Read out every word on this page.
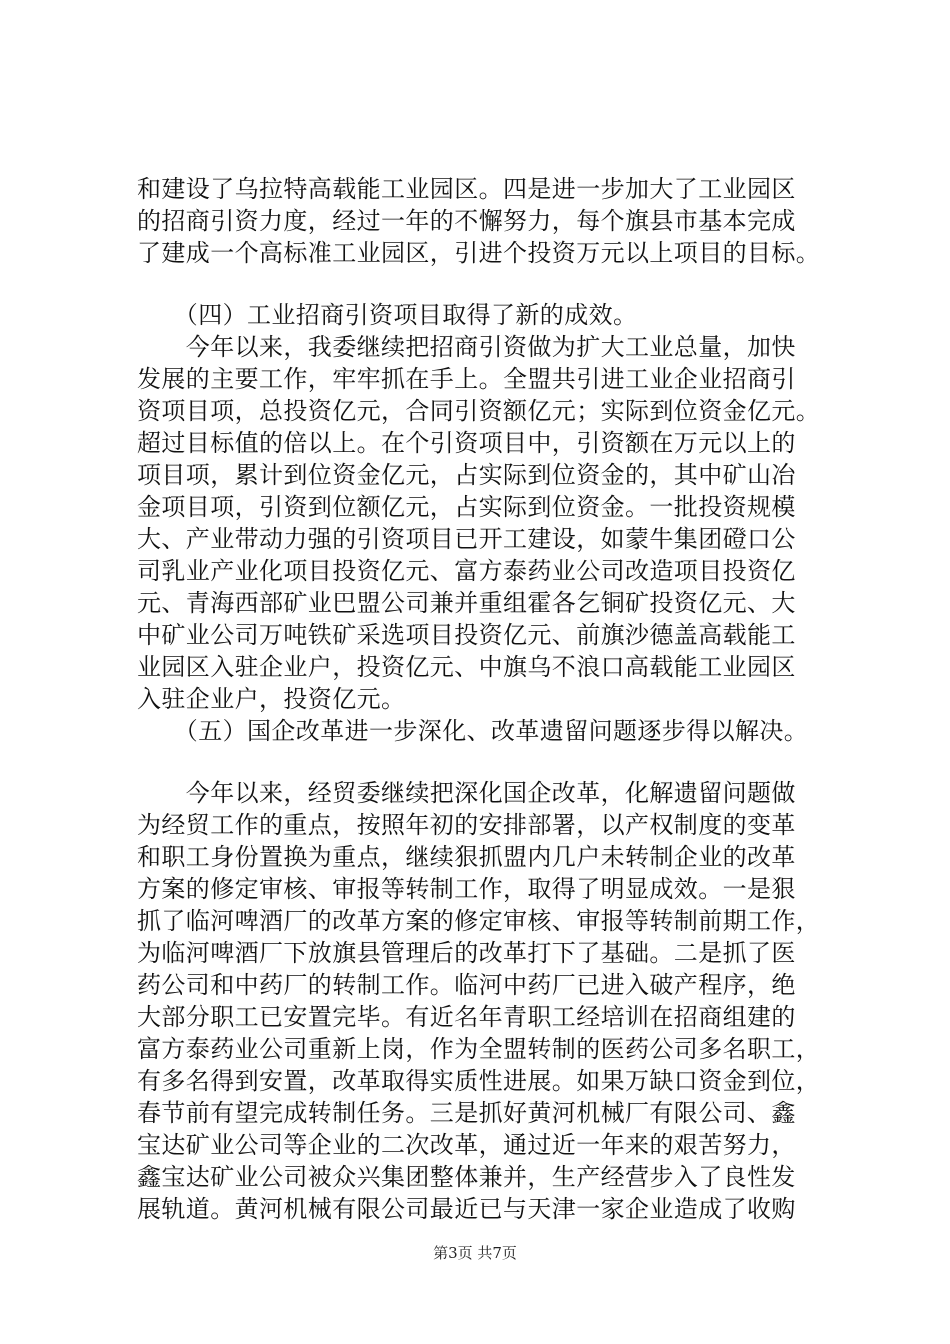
和建设了乌拉特高载能工业园区。四是进一步加大了工业园区
的招商引资力度，经过一年的不懈努力，每个旗县市基本完成
了建成一个高标准工业园区，引进个投资万元以上项目的目标。
　　（四）工业招商引资项目取得了新的成效。
　　今年以来，我委继续把招商引资做为扩大工业总量，加快
发展的主要工作，牢牢抓在手上。全盟共引进工业企业招商引
资项目项，总投资亿元，合同引资额亿元；实际到位资金亿元。
超过目标值的倍以上。在个引资项目中，引资额在万元以上的
项目项，累计到位资金亿元，占实际到位资金的，其中矿山冶
金项目项，引资到位额亿元，占实际到位资金。一批投资规模
大、产业带动力强的引资项目已开工建设，如蒙牛集团磴口公
司乳业产业化项目投资亿元、富方泰药业公司改造项目投资亿
元、青海西部矿业巴盟公司兼并重组霍各乞铜矿投资亿元、大
中矿业公司万吨铁矿采选项目投资亿元、前旗沙德盖高载能工
业园区入驻企业户，投资亿元、中旗乌不浪口高载能工业园区
入驻企业户，投资亿元。
　　（五）国企改革进一步深化、改革遗留问题逐步得以解决。
　　今年以来，经贸委继续把深化国企改革，化解遗留问题做
为经贸工作的重点，按照年初的安排部署，以产权制度的变革
和职工身份置换为重点，继续狠抓盟内几户未转制企业的改革
方案的修定审核、审报等转制工作，取得了明显成效。一是狠
抓了临河啤酒厂的改革方案的修定审核、审报等转制前期工作，
为临河啤酒厂下放旗县管理后的改革打下了基础。二是抓了医
药公司和中药厂的转制工作。临河中药厂已进入破产程序，绝
大部分职工已安置完毕。有近名年青职工经培训在招商组建的
富方泰药业公司重新上岗，作为全盟转制的医药公司多名职工，
有多名得到安置，改革取得实质性进展。如果万缺口资金到位，
春节前有望完成转制任务。三是抓好黄河机械厂有限公司、鑫
宝达矿业公司等企业的二次改革，通过近一年来的艰苦努力，
鑫宝达矿业公司被众兴集团整体兼并，生产经营步入了良性发
展轨道。黄河机械有限公司最近已与天津一家企业造成了收购
第3页 共7页
